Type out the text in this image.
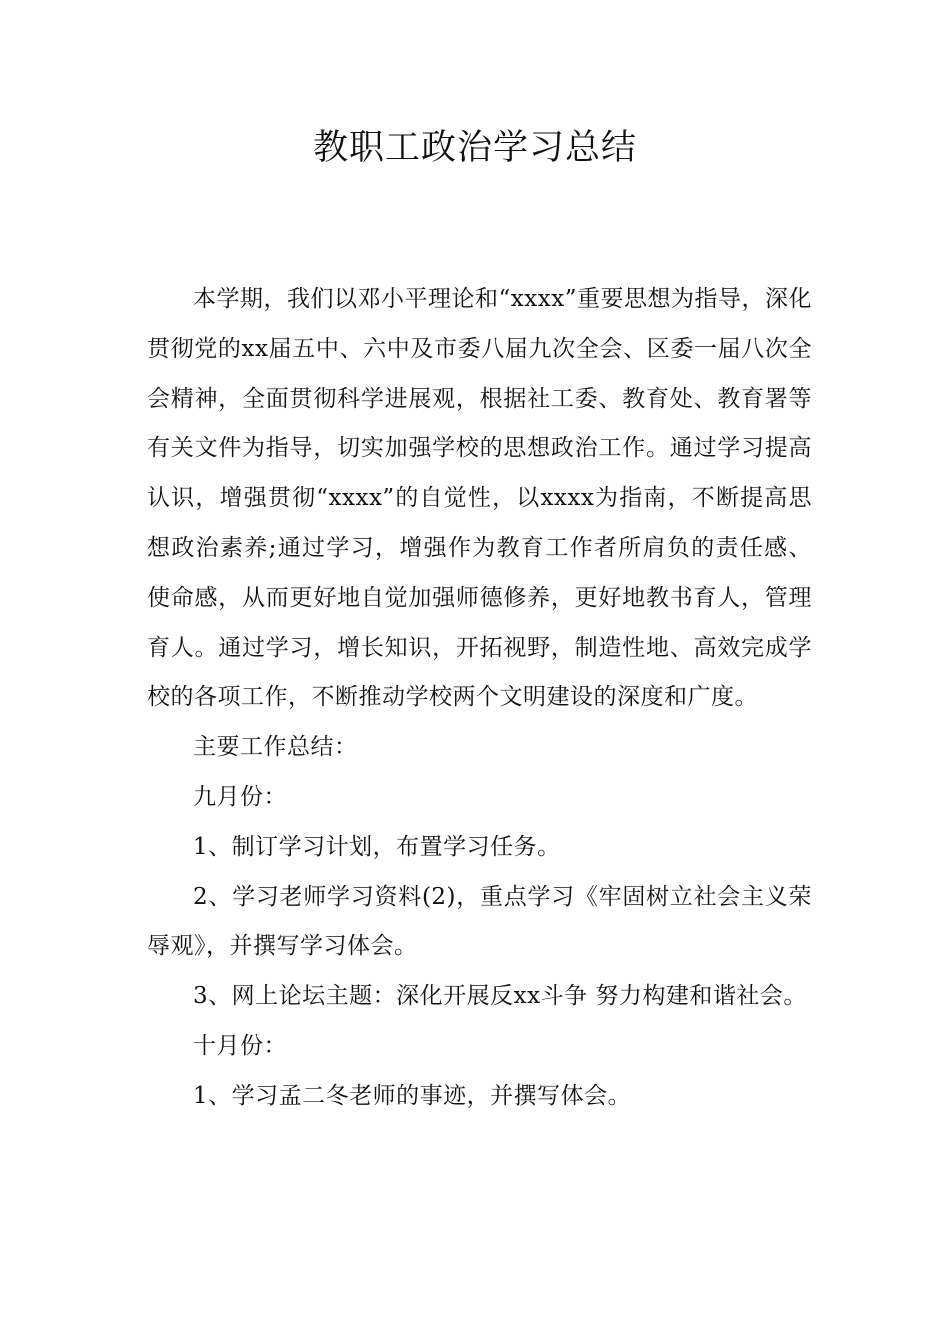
教职工政治学习总结

本学期，我们以邓小平理论和“xxxx”重要思想为指导，深化贯彻党的xx届五中、六中及市委八届九次全会、区委一届八次全会精神，全面贯彻科学进展观，根据社工委、教育处、教育署等有关文件为指导，切实加强学校的思想政治工作。通过学习提高认识，增强贯彻“xxxx”的自觉性，以xxxx为指南，不断提高思想政治素养;通过学习，增强作为教育工作者所肩负的责任感、使命感，从而更好地自觉加强师德修养，更好地教书育人，管理育人。通过学习，增长知识，开拓视野，制造性地、高效完成学校的各项工作，不断推动学校两个文明建设的深度和广度。

主要工作总结：

九月份：

1、制订学习计划，布置学习任务。

2、学习老师学习资料(2)，重点学习《牢固树立社会主义荣辱观》，并撰写学习体会。

3、网上论坛主题：深化开展反xx斗争 努力构建和谐社会。

十月份：

1、学习孟二冬老师的事迹，并撰写体会。
